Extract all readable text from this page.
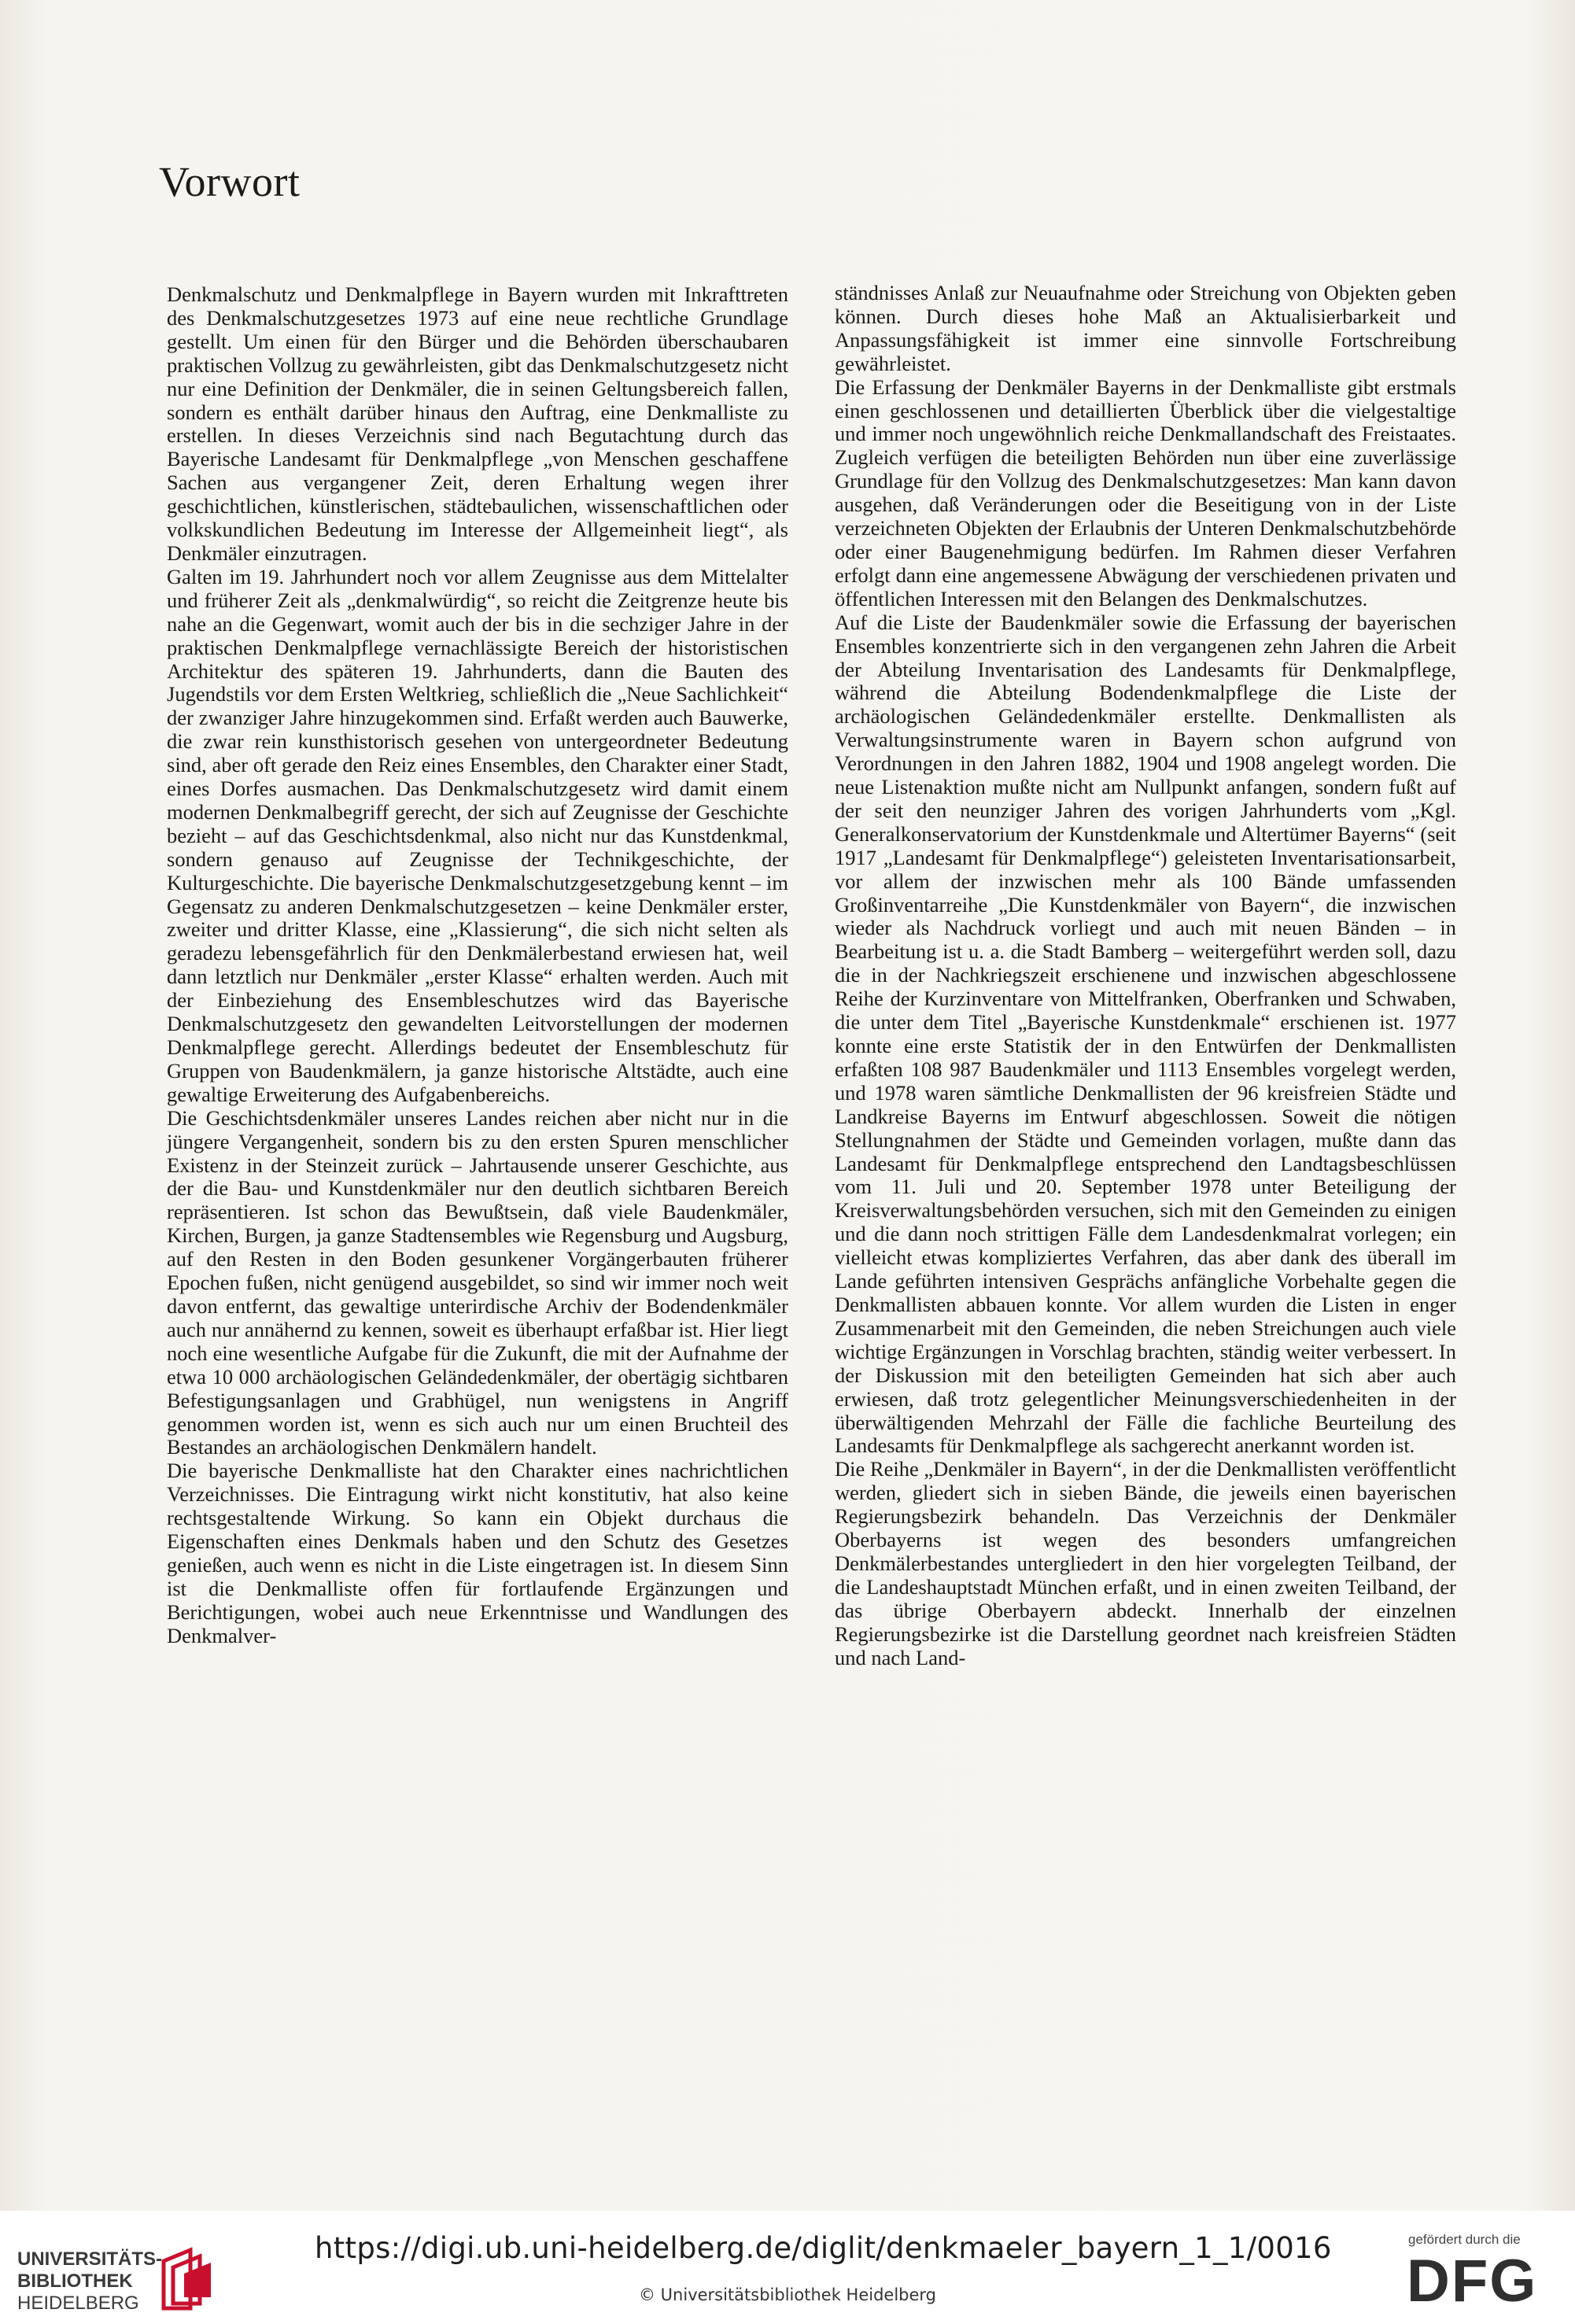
Vorwort

Denkmalschutz und Denkmalpflege in Bayern wurden mit Inkrafttreten des Denkmalschutzgesetzes 1973 auf eine neue rechtliche Grundlage gestellt. Um einen für den Bürger und die Behörden überschaubaren praktischen Vollzug zu gewährleisten, gibt das Denkmalschutzgesetz nicht nur eine Definition der Denkmäler, die in seinen Geltungsbereich fallen, sondern es enthält darüber hinaus den Auftrag, eine Denkmalliste zu erstellen. In dieses Verzeichnis sind nach Begutachtung durch das Bayerische Landesamt für Denkmalpflege „von Menschen geschaffene Sachen aus vergangener Zeit, deren Erhaltung wegen ihrer geschichtlichen, künstlerischen, städtebaulichen, wissenschaftlichen oder volkskundlichen Bedeutung im Interesse der Allgemeinheit liegt“, als Denkmäler einzutragen.

Galten im 19. Jahrhundert noch vor allem Zeugnisse aus dem Mittelalter und früherer Zeit als „denkmalwürdig“, so reicht die Zeitgrenze heute bis nahe an die Gegenwart, womit auch der bis in die sechziger Jahre in der praktischen Denkmalpflege vernachlässigte Bereich der historistischen Architektur des späteren 19. Jahrhunderts, dann die Bauten des Jugendstils vor dem Ersten Weltkrieg, schließlich die „Neue Sachlichkeit“ der zwanziger Jahre hinzugekommen sind. Erfaßt werden auch Bauwerke, die zwar rein kunsthistorisch gesehen von untergeordneter Bedeutung sind, aber oft gerade den Reiz eines Ensembles, den Charakter einer Stadt, eines Dorfes ausmachen. Das Denkmalschutzgesetz wird damit einem modernen Denkmalbegriff gerecht, der sich auf Zeugnisse der Geschichte bezieht – auf das Geschichtsdenkmal, also nicht nur das Kunstdenkmal, sondern genauso auf Zeugnisse der Technikgeschichte, der Kulturgeschichte. Die bayerische Denkmalschutzgesetzgebung kennt – im Gegensatz zu anderen Denkmalschutzgesetzen – keine Denkmäler erster, zweiter und dritter Klasse, eine „Klassierung“, die sich nicht selten als geradezu lebensgefährlich für den Denkmälerbestand erwiesen hat, weil dann letztlich nur Denkmäler „erster Klasse“ erhalten werden. Auch mit der Einbeziehung des Ensembleschutzes wird das Bayerische Denkmalschutzgesetz den gewandelten Leitvorstellungen der modernen Denkmalpflege gerecht. Allerdings bedeutet der Ensembleschutz für Gruppen von Baudenkmälern, ja ganze historische Altstädte, auch eine gewaltige Erweiterung des Aufgabenbereichs.

Die Geschichtsdenkmäler unseres Landes reichen aber nicht nur in die jüngere Vergangenheit, sondern bis zu den ersten Spuren menschlicher Existenz in der Steinzeit zurück – Jahrtausende unserer Geschichte, aus der die Bau- und Kunstdenkmäler nur den deutlich sichtbaren Bereich repräsentieren. Ist schon das Bewußtsein, daß viele Baudenkmäler, Kirchen, Burgen, ja ganze Stadtensembles wie Regensburg und Augsburg, auf den Resten in den Boden gesunkener Vorgängerbauten früherer Epochen fußen, nicht genügend ausgebildet, so sind wir immer noch weit davon entfernt, das gewaltige unterirdische Archiv der Bodendenkmäler auch nur annähernd zu kennen, soweit es überhaupt erfaßbar ist. Hier liegt noch eine wesentliche Aufgabe für die Zukunft, die mit der Aufnahme der etwa 10 000 archäologischen Geländedenkmäler, der obertägig sichtbaren Befestigungsanlagen und Grabhügel, nun wenigstens in Angriff genommen worden ist, wenn es sich auch nur um einen Bruchteil des Bestandes an archäologischen Denkmälern handelt.

Die bayerische Denkmalliste hat den Charakter eines nachrichtlichen Verzeichnisses. Die Eintragung wirkt nicht konstitutiv, hat also keine rechtsgestaltende Wirkung. So kann ein Objekt durchaus die Eigenschaften eines Denkmals haben und den Schutz des Gesetzes genießen, auch wenn es nicht in die Liste eingetragen ist. In diesem Sinn ist die Denkmalliste offen für fortlaufende Ergänzungen und Berichtigungen, wobei auch neue Erkenntnisse und Wandlungen des Denkmalver-

ständnisses Anlaß zur Neuaufnahme oder Streichung von Objekten geben können. Durch dieses hohe Maß an Aktualisierbarkeit und Anpassungsfähigkeit ist immer eine sinnvolle Fortschreibung gewährleistet.

Die Erfassung der Denkmäler Bayerns in der Denkmalliste gibt erstmals einen geschlossenen und detaillierten Überblick über die vielgestaltige und immer noch ungewöhnlich reiche Denkmallandschaft des Freistaates. Zugleich verfügen die beteiligten Behörden nun über eine zuverlässige Grundlage für den Vollzug des Denkmalschutzgesetzes: Man kann davon ausgehen, daß Veränderungen oder die Beseitigung von in der Liste verzeichneten Objekten der Erlaubnis der Unteren Denkmalschutzbehörde oder einer Baugenehmigung bedürfen. Im Rahmen dieser Verfahren erfolgt dann eine angemessene Abwägung der verschiedenen privaten und öffentlichen Interessen mit den Belangen des Denkmalschutzes.

Auf die Liste der Baudenkmäler sowie die Erfassung der bayerischen Ensembles konzentrierte sich in den vergangenen zehn Jahren die Arbeit der Abteilung Inventarisation des Landesamts für Denkmalpflege, während die Abteilung Bodendenkmalpflege die Liste der archäologischen Geländedenkmäler erstellte. Denkmallisten als Verwaltungsinstrumente waren in Bayern schon aufgrund von Verordnungen in den Jahren 1882, 1904 und 1908 angelegt worden. Die neue Listenaktion mußte nicht am Nullpunkt anfangen, sondern fußt auf der seit den neunziger Jahren des vorigen Jahrhunderts vom „Kgl. Generalkonservatorium der Kunstdenkmale und Altertümer Bayerns“ (seit 1917 „Landesamt für Denkmalpflege“) geleisteten Inventarisationsarbeit, vor allem der inzwischen mehr als 100 Bände umfassenden Großinventarreihe „Die Kunstdenkmäler von Bayern“, die inzwischen wieder als Nachdruck vorliegt und auch mit neuen Bänden – in Bearbeitung ist u. a. die Stadt Bamberg – weitergeführt werden soll, dazu die in der Nachkriegszeit erschienene und inzwischen abgeschlossene Reihe der Kurzinventare von Mittelfranken, Oberfranken und Schwaben, die unter dem Titel „Bayerische Kunstdenkmale“ erschienen ist. 1977 konnte eine erste Statistik der in den Entwürfen der Denkmallisten erfaßten 108 987 Baudenkmäler und 1113 Ensembles vorgelegt werden, und 1978 waren sämtliche Denkmallisten der 96 kreisfreien Städte und Landkreise Bayerns im Entwurf abgeschlossen. Soweit die nötigen Stellungnahmen der Städte und Gemeinden vorlagen, mußte dann das Landesamt für Denkmalpflege entsprechend den Landtagsbeschlüssen vom 11. Juli und 20. September 1978 unter Beteiligung der Kreisverwaltungsbehörden versuchen, sich mit den Gemeinden zu einigen und die dann noch strittigen Fälle dem Landesdenkmalrat vorlegen; ein vielleicht etwas kompliziertes Verfahren, das aber dank des überall im Lande geführten intensiven Gesprächs anfängliche Vorbehalte gegen die Denkmallisten abbauen konnte. Vor allem wurden die Listen in enger Zusammenarbeit mit den Gemeinden, die neben Streichungen auch viele wichtige Ergänzungen in Vorschlag brachten, ständig weiter verbessert. In der Diskussion mit den beteiligten Gemeinden hat sich aber auch erwiesen, daß trotz gelegentlicher Meinungsverschiedenheiten in der überwältigenden Mehrzahl der Fälle die fachliche Beurteilung des Landesamts für Denkmalpflege als sachgerecht anerkannt worden ist.

Die Reihe „Denkmäler in Bayern“, in der die Denkmallisten veröffentlicht werden, gliedert sich in sieben Bände, die jeweils einen bayerischen Regierungsbezirk behandeln. Das Verzeichnis der Denkmäler Oberbayerns ist wegen des besonders umfangreichen Denkmälerbestandes untergliedert in den hier vorgelegten Teilband, der die Landeshauptstadt München erfaßt, und in einen zweiten Teilband, der das übrige Oberbayern abdeckt. Innerhalb der einzelnen Regierungsbezirke ist die Darstellung geordnet nach kreisfreien Städten und nach Land-

UNIVERSITÄTS-
BIBLIOTHEK
HEIDELBERG
https://digi.ub.uni-heidelberg.de/diglit/denkmaeler_bayern_1_1/0016
© Universitätsbibliothek Heidelberg
gefördert durch die
DFG
